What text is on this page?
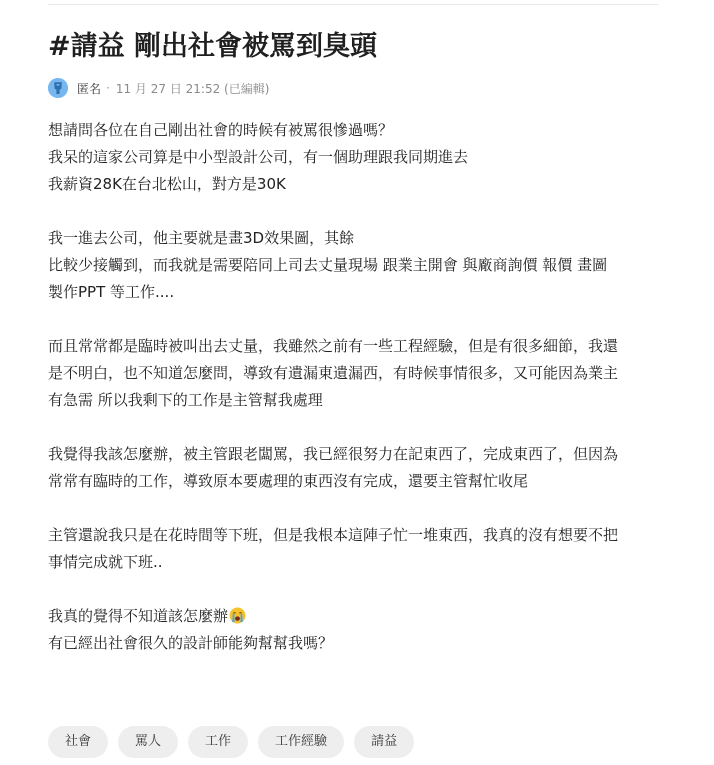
#請益 剛出社會被罵到臭頭
匿名 · 11 月 27 日 21:52 (已編輯)

想請問各位在自己剛出社會的時候有被罵很慘過嗎？
我呆的這家公司算是中小型設計公司，有一個助理跟我同期進去
我薪資28K在台北松山，對方是30K

我一進去公司，他主要就是畫3D效果圖，其餘
比較少接觸到，而我就是需要陪同上司去丈量現場 跟業主開會 與廠商詢價 報價 畫圖
製作PPT 等工作....

而且常常都是臨時被叫出去丈量，我雖然之前有一些工程經驗，但是有很多細節，我還
是不明白，也不知道怎麼問，導致有遺漏東遺漏西，有時候事情很多，又可能因為業主
有急需 所以我剩下的工作是主管幫我處理

我覺得我該怎麼辦，被主管跟老闆罵，我已經很努力在記東西了，完成東西了，但因為
常常有臨時的工作，導致原本要處理的東西沒有完成，還要主管幫忙收尾

主管還說我只是在花時間等下班，但是我根本這陣子忙一堆東西，我真的沒有想要不把
事情完成就下班..

我真的覺得不知道該怎麼辦
有已經出社會很久的設計師能夠幫幫我嗎？

社會	罵人	工作	工作經驗	請益
